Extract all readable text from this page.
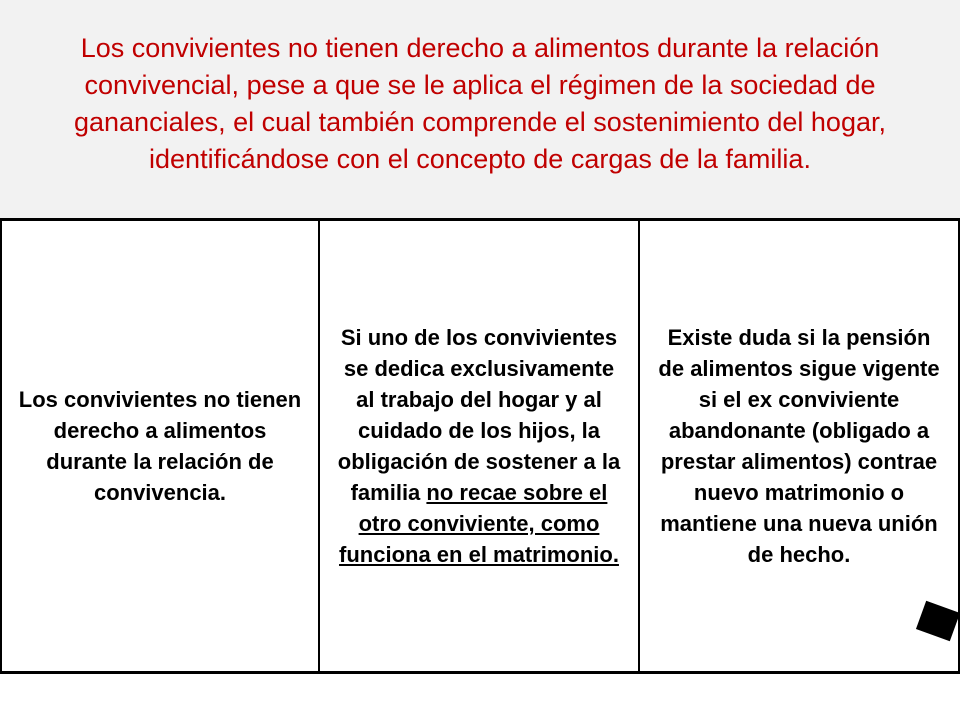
Los convivientes no tienen derecho a alimentos durante la relación convivencial, pese a que se le aplica el régimen de la sociedad de gananciales, el cual también comprende el sostenimiento del hogar, identificándose con el concepto de cargas de la familia.

Los convivientes no tienen derecho a alimentos durante la relación de convivencia.

Si uno de los convivientes se dedica exclusivamente al trabajo del hogar y al cuidado de los hijos, la obligación de sostener a la familia no recae sobre el otro conviviente, como funciona en el matrimonio.

Existe duda si la pensión de alimentos sigue vigente si el ex conviviente abandonante (obligado a prestar alimentos) contrae nuevo matrimonio o mantiene una nueva unión de hecho.
